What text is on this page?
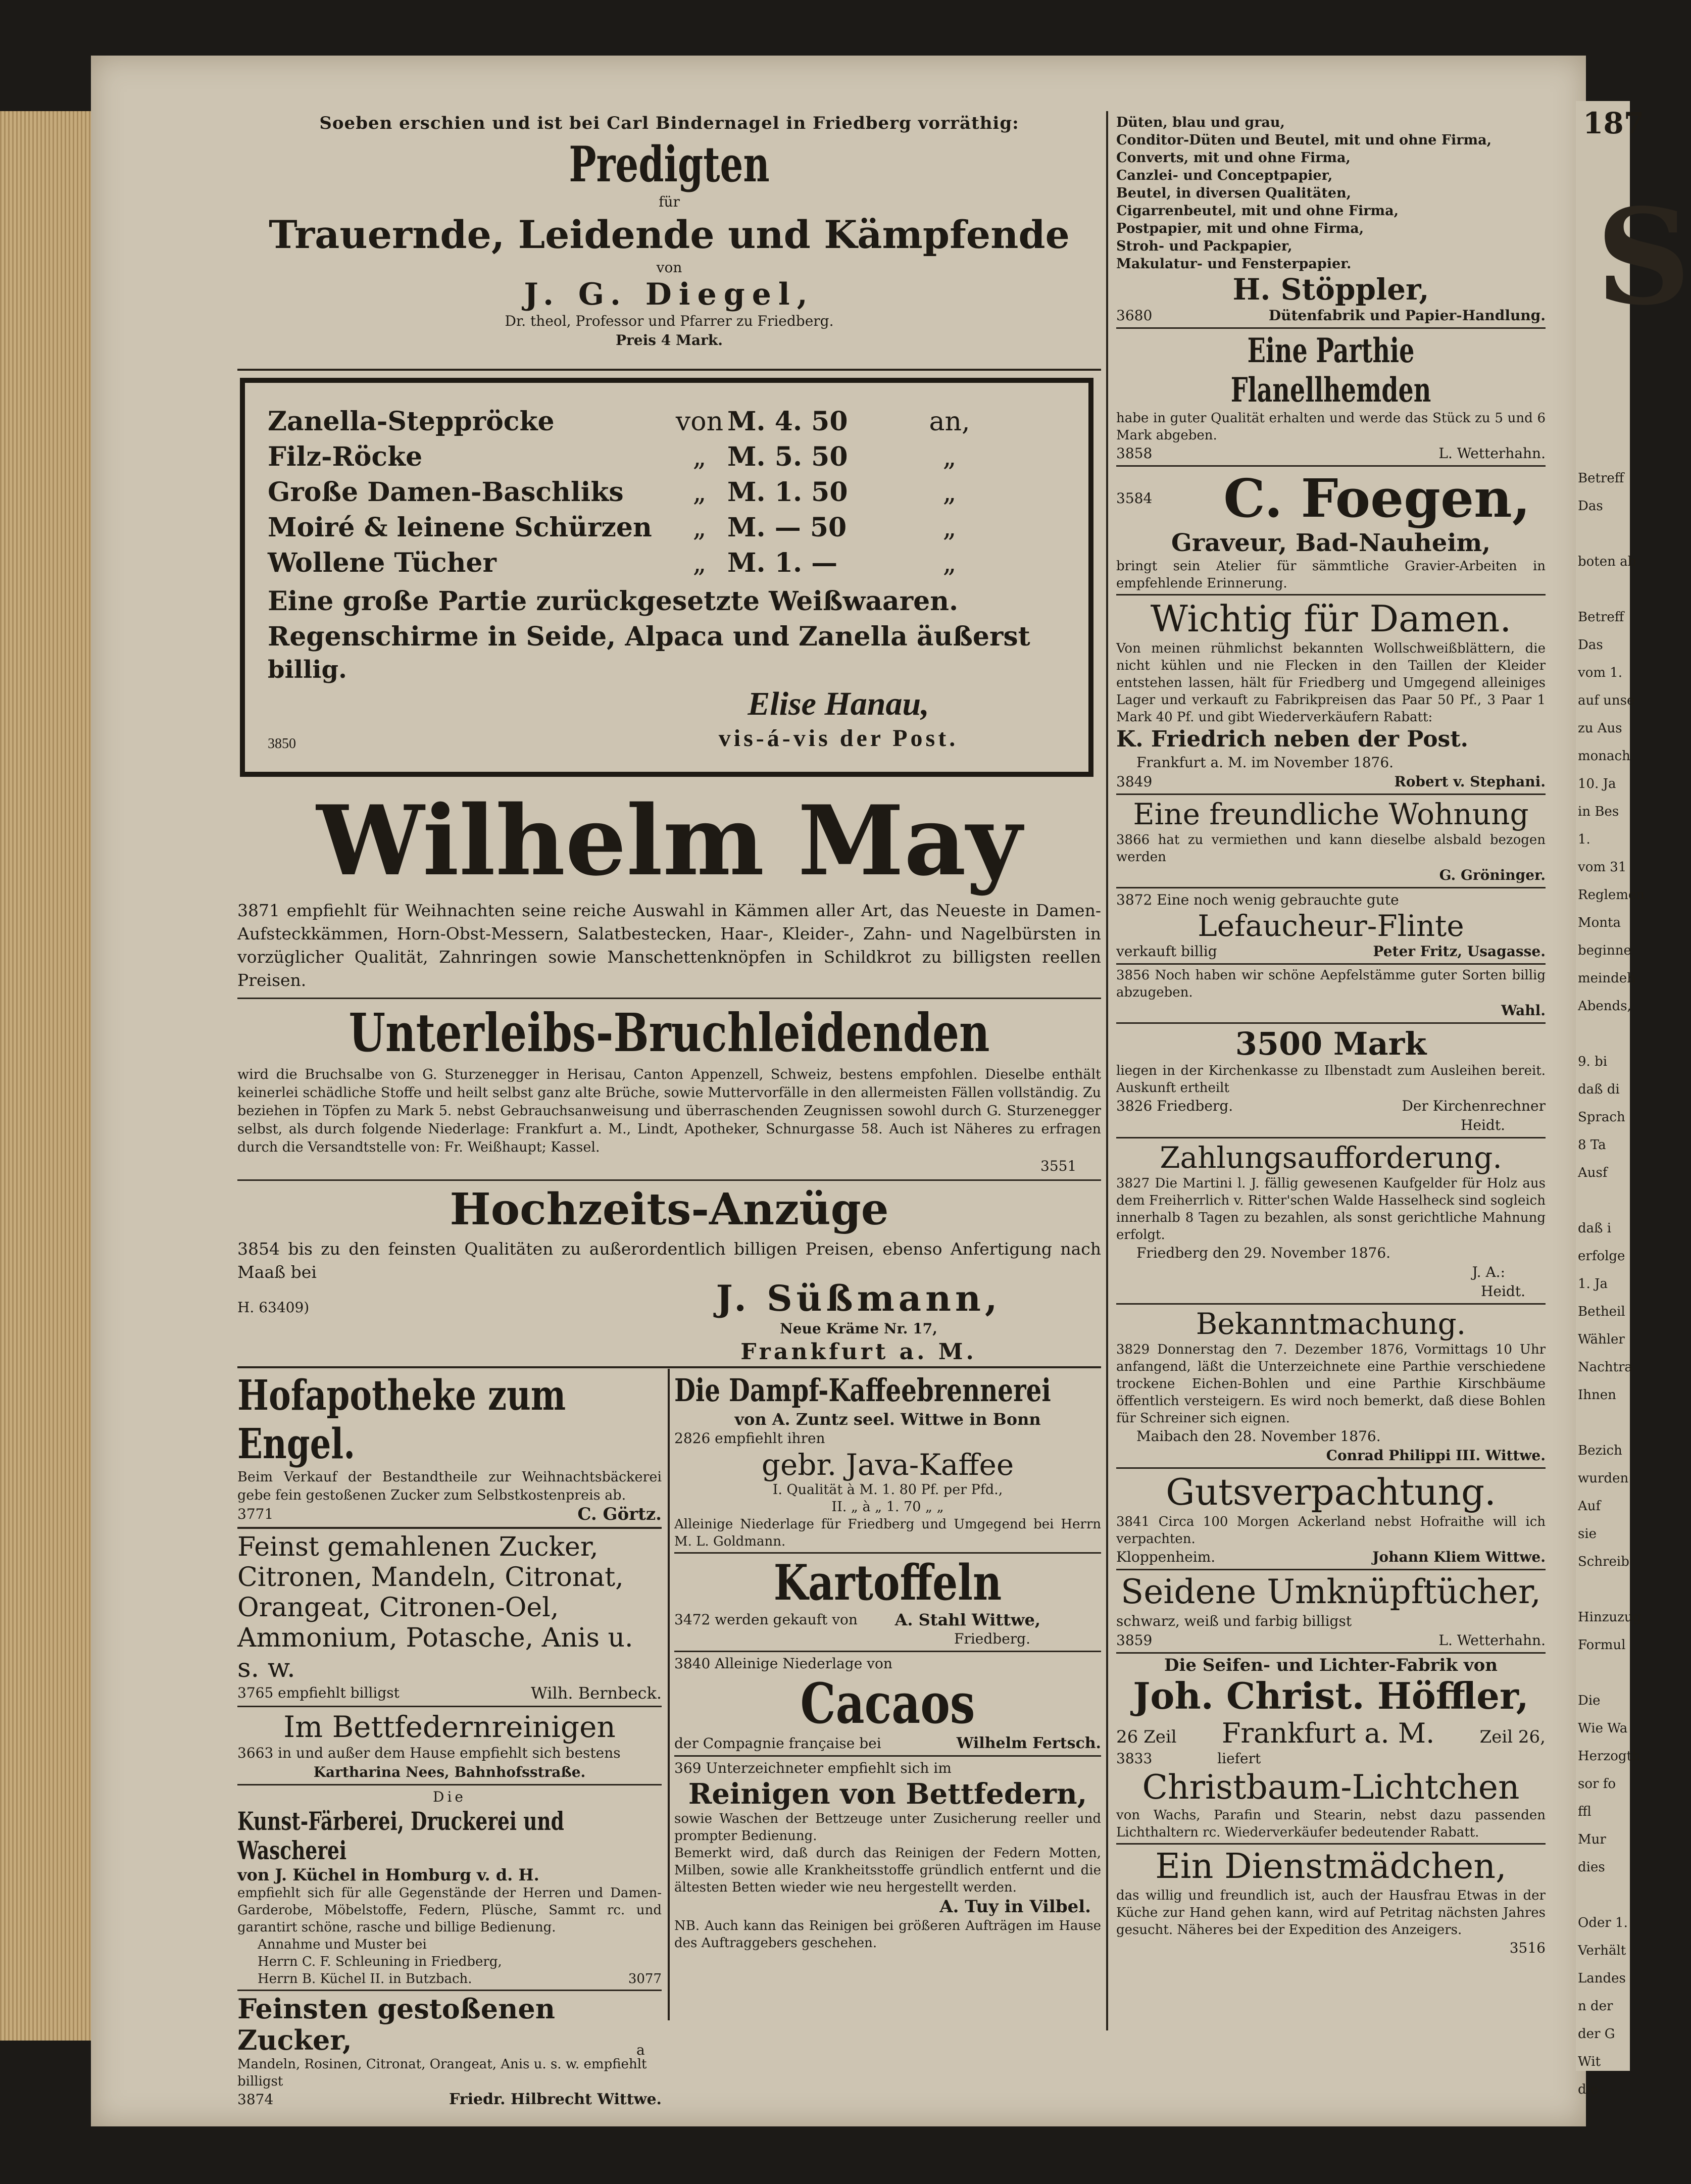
187
S
Betreff
Das
boten ab
Betreff
Das
vom 1.
auf unse
zu Aus
monach
10. Ja
in Bes
1.
vom 31
Reglemen
Monta
beginne
meindeh
Abends,
9. bi
daß di
Sprach
8 Ta
Ausf
daß i
erfolge
1. Ja
Betheil
Wähler
Nachtra
Ihnen
Bezich
wurden
Auf
sie
Schreib
Hinzuzug
Formul
Die
Wie Wa
Herzogth
sor fo
ffl
Mur
dies
Oder 1.
Verhält
Landes
n der
der G
Wit
die
Soeben erschien und ist bei Carl Bindernagel in Friedberg vorräthig:
Predigten
für
Trauernde, Leidende und Kämpfende
von
J. G. Diegel,
Dr. theol, Professor und Pfarrer zu Friedberg.
Preis 4 Mark.
Zanella-Steppröcke	von M. 4. 50	an,
Filz-Röcke	„ M. 5. 50	„
Große Damen-Baschliks	„ M. 1. 50	„
Moiré & leinene Schürzen	„ M. — 50	„
Wollene Tücher	„ M. 1. —	„
Eine große Partie zurückgesetzte Weißwaaren.
Regenschirme in Seide, Alpaca und Zanella äußerst
billig.
3850
Elise Hanau,
vis-á-vis der Post.
Wilhelm May
3871 empfiehlt für Weihnachten seine reiche Auswahl in Kämmen aller Art, das Neueste in Damen-Aufsteckkämmen, Horn-Obst-Messern, Salatbestecken, Haar-, Kleider-, Zahn- und Nagelbürsten in vorzüglicher Qualität, Zahnringen sowie Manschettenknöpfen in Schildkrot zu billigsten reellen Preisen.
Unterleibs-Bruchleidenden
wird die Bruchsalbe von G. Sturzenegger in Herisau, Canton Appenzell, Schweiz, bestens empfohlen. Dieselbe enthält keinerlei schädliche Stoffe und heilt selbst ganz alte Brüche, sowie Muttervorfälle in den allermeisten Fällen vollständig. Zu beziehen in Töpfen zu Mark 5. nebst Gebrauchsanweisung und überraschenden Zeugnissen sowohl durch G. Sturzenegger selbst, als durch folgende Niederlage: Frankfurt a. M., Lindt, Apotheker, Schnurgasse 58. Auch ist Näheres zu erfragen durch die Versandtstelle von: Fr. Weißhaupt; Kassel.
3551
Hochzeits-Anzüge
3854 bis zu den feinsten Qualitäten zu außerordentlich billigen Preisen, ebenso Anfertigung nach Maaß bei
H. 63409)	J. Süßmann,
Neue Kräme Nr. 17,
Frankfurt a. M.
Hofapotheke zum Engel.
Beim Verkauf der Bestandtheile zur Weihnachtsbäckerei gebe fein gestoßenen Zucker zum Selbstkostenpreis ab.
3771	C. Görtz.
Feinst gemahlenen Zucker, Citronen, Mandeln, Citronat, Orangeat, Citronen-Oel, Ammonium, Potasche, Anis u. s. w.
3765 empfiehlt billigst	Wilh. Bernbeck.
Im Bettfedernreinigen
3663 in und außer dem Hause empfiehlt sich bestens
Kartharina Nees, Bahnhofsstraße.
Die
Kunst-Färberei, Druckerei und Wascherei
von J. Küchel in Homburg v. d. H.
empfiehlt sich für alle Gegenstände der Herren und Damen-Garderobe, Möbelstoffe, Federn, Plüsche, Sammt rc. und garantirt schöne, rasche und billige Bedienung.
Annahme und Muster bei
Herrn C. F. Schleuning in Friedberg,
Herrn B. Küchel II. in Butzbach.	3077
Feinsten gestoßenen Zucker,
Mandeln, Rosinen, Citronat, Orangeat, Anis u. s. w. empfiehlt billigst
3874	Friedr. Hilbrecht Wittwe.
Die Dampf-Kaffeebrennerei
von A. Zuntz seel. Wittwe in Bonn
2826 empfiehlt ihren
gebr. Java-Kaffee
I. Qualität à M. 1. 80 Pf. per Pfd.,
II. „ à „ 1. 70 „ „
Alleinige Niederlage für Friedberg und Umgegend bei Herrn M. L. Goldmann.
Kartoffeln
3472 werden gekauft von A. Stahl Wittwe,
Friedberg.
3840 Alleinige Niederlage von
Cacaos
der Compagnie française bei	Wilhelm Fertsch.
369 Unterzeichneter empfiehlt sich im
Reinigen von Bettfedern,
sowie Waschen der Bettzeuge unter Zusicherung reeller und prompter Bedienung.
Bemerkt wird, daß durch das Reinigen der Federn Motten, Milben, sowie alle Krankheitsstoffe gründlich entfernt und die ältesten Betten wieder wie neu hergestellt werden.
A. Tuy in Vilbel.
NB. Auch kann das Reinigen bei größeren Aufträgen im Hause des Auftraggebers geschehen.
a
Düten, blau und grau,
Conditor-Düten und Beutel, mit und ohne Firma,
Converts, mit und ohne Firma,
Canzlei- und Conceptpapier,
Beutel, in diversen Qualitäten,
Cigarrenbeutel, mit und ohne Firma,
Postpapier, mit und ohne Firma,
Stroh- und Packpapier,
Makulatur- und Fensterpapier.
H. Stöppler,
3680	Dütenfabrik und Papier-Handlung.
Eine Parthie Flanellhemden
habe in guter Qualität erhalten und werde das Stück zu 5 und 6 Mark abgeben.
3858	L. Wetterhahn.
3584 C. Foegen,
Graveur, Bad-Nauheim,
bringt sein Atelier für sämmtliche Gravier-Arbeiten in empfehlende Erinnerung.
Wichtig für Damen.
Von meinen rühmlichst bekannten Wollschweißblättern, die nicht kühlen und nie Flecken in den Taillen der Kleider entstehen lassen, hält für Friedberg und Umgegend alleiniges Lager und verkauft zu Fabrikpreisen das Paar 50 Pf., 3 Paar 1 Mark 40 Pf. und gibt Wiederverkäufern Rabatt:
K. Friedrich neben der Post.
Frankfurt a. M. im November 1876.
3849	Robert v. Stephani.
Eine freundliche Wohnung
3866 hat zu vermiethen und kann dieselbe alsbald bezogen werden
G. Gröninger.
3872 Eine noch wenig gebrauchte gute
Lefaucheur-Flinte
verkauft billig	Peter Fritz, Usagasse.
3856 Noch haben wir schöne Aepfelstämme guter Sorten billig abzugeben.
Wahl.
3500 Mark
liegen in der Kirchenkasse zu Ilbenstadt zum Ausleihen bereit. Auskunft ertheilt
3826 Friedberg.	Der Kirchenrechner
Heidt.
Zahlungsaufforderung.
3827 Die Martini l. J. fällig gewesenen Kaufgelder für Holz aus dem Freiherrlich v. Ritter'schen Walde Hasselheck sind sogleich innerhalb 8 Tagen zu bezahlen, als sonst gerichtliche Mahnung erfolgt.
Friedberg den 29. November 1876.
J. A.:
Heidt.
Bekanntmachung.
3829 Donnerstag den 7. Dezember 1876, Vormittags 10 Uhr anfangend, läßt die Unterzeichnete eine Parthie verschiedene trockene Eichen-Bohlen und eine Parthie Kirschbäume öffentlich versteigern. Es wird noch bemerkt, daß diese Bohlen für Schreiner sich eignen.
Maibach den 28. November 1876.
Conrad Philippi III. Wittwe.
Gutsverpachtung.
3841 Circa 100 Morgen Ackerland nebst Hofraithe will ich verpachten.
Kloppenheim.	Johann Kliem Wittwe.
Seidene Umknüpftücher,
schwarz, weiß und farbig billigst
3859	L. Wetterhahn.
Die Seifen- und Lichter-Fabrik von
Joh. Christ. Höffler,
26 Zeil Frankfurt a. M.	Zeil 26,
3833	liefert
Christbaum-Lichtchen
von Wachs, Parafin und Stearin, nebst dazu passenden Lichthaltern rc. Wiederverkäufer bedeutender Rabatt.
Ein Dienstmädchen,
das willig und freundlich ist, auch der Hausfrau Etwas in der Küche zur Hand gehen kann, wird auf Petritag nächsten Jahres gesucht. Näheres bei der Expedition des Anzeigers.
3516
